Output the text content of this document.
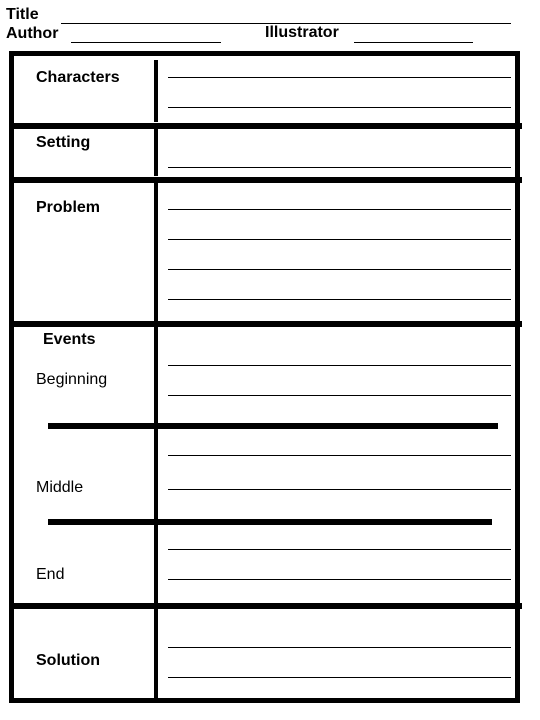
Title
Author	Illustrator
Characters
Setting
Problem
Events
Beginning
Middle
End
Solution
